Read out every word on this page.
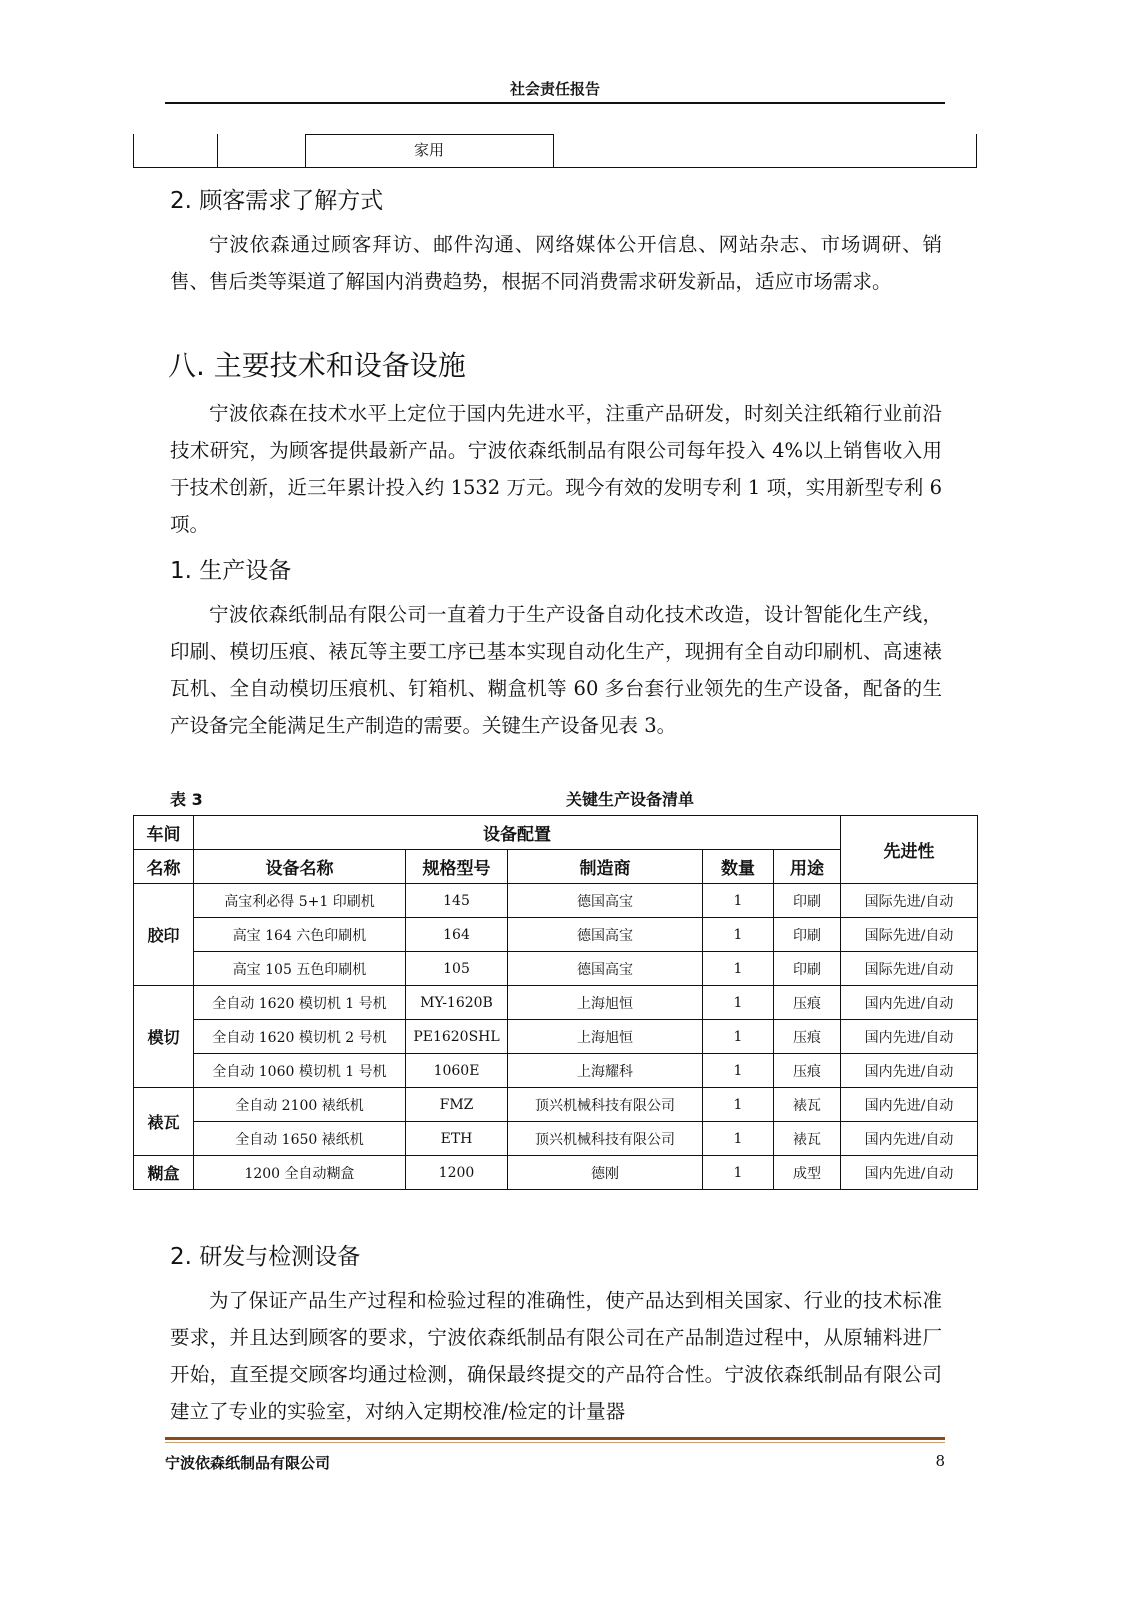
社会责任报告
家用
2. 顾客需求了解方式

宁波依森通过顾客拜访、邮件沟通、网络媒体公开信息、网站杂志、市场调研、销售、售后类等渠道了解国内消费趋势，根据不同消费需求研发新品，适应市场需求。

八. 主要技术和设备设施

宁波依森在技术水平上定位于国内先进水平，注重产品研发，时刻关注纸箱行业前沿技术研究，为顾客提供最新产品。宁波依森纸制品有限公司每年投入 4%以上销售收入用于技术创新，近三年累计投入约 1532 万元。现今有效的发明专利 1 项，实用新型专利 6 项。

1. 生产设备

宁波依森纸制品有限公司一直着力于生产设备自动化技术改造，设计智能化生产线，印刷、模切压痕、裱瓦等主要工序已基本实现自动化生产，现拥有全自动印刷机、高速裱瓦机、全自动模切压痕机、钉箱机、糊盒机等 60 多台套行业领先的生产设备，配备的生产设备完全能满足生产制造的需要。关键生产设备见表 3。

表 3	关键生产设备清单
车间	设备配置					先进性
名称	设备名称	规格型号	制造商	数量	用途	
胶印	高宝利必得 5+1 印刷机	145	德国高宝	1	印刷	国际先进/自动
	高宝 164 六色印刷机	164	德国高宝	1	印刷	国际先进/自动
	高宝 105 五色印刷机	105	德国高宝	1	印刷	国际先进/自动
模切	全自动 1620 模切机 1 号机	MY-1620B	上海旭恒	1	压痕	国内先进/自动
	全自动 1620 模切机 2 号机	PE1620SHL	上海旭恒	1	压痕	国内先进/自动
	全自动 1060 模切机 1 号机	1060E	上海耀科	1	压痕	国内先进/自动
裱瓦	全自动 2100 裱纸机	FMZ	顶兴机械科技有限公司	1	裱瓦	国内先进/自动
	全自动 1650 裱纸机	ETH	顶兴机械科技有限公司	1	裱瓦	国内先进/自动
糊盒	1200 全自动糊盒	1200	德刚	1	成型	国内先进/自动
2. 研发与检测设备

为了保证产品生产过程和检验过程的准确性，使产品达到相关国家、行业的技术标准要求，并且达到顾客的要求，宁波依森纸制品有限公司在产品制造过程中，从原辅料进厂开始，直至提交顾客均通过检测，确保最终提交的产品符合性。宁波依森纸制品有限公司建立了专业的实验室，对纳入定期校准/检定的计量器

宁波依森纸制品有限公司	8
